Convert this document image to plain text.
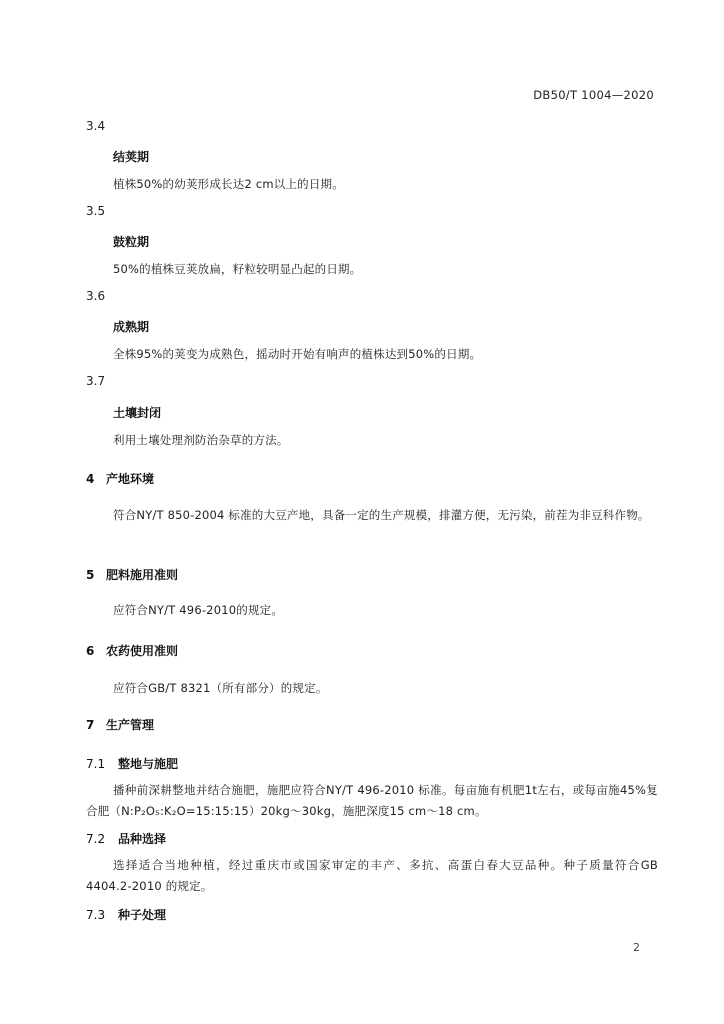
DB50/T 1004—2020
3.4
结荚期
植株50%的幼荚形成长达2 cm以上的日期。
3.5
鼓粒期
50%的植株豆荚放扁，籽粒较明显凸起的日期。
3.6
成熟期
全株95%的荚变为成熟色，摇动时开始有响声的植株达到50%的日期。
3.7
土壤封闭
利用土壤处理剂防治杂草的方法。
4 产地环境
符合NY/T 850-2004 标准的大豆产地，具备一定的生产规模，排灌方便，无污染，前茬为非豆科作物。
5 肥料施用准则
应符合NY/T 496-2010的规定。
6 农药使用准则
应符合GB/T 8321（所有部分）的规定。
7 生产管理
7.1 整地与施肥
播种前深耕整地并结合施肥，施肥应符合NY/T 496-2010 标准。每亩施有机肥1t左右，或每亩施45%复合肥（N:P₂O₅:K₂O=15:15:15）20kg～30kg，施肥深度15 cm～18 cm。
7.2 品种选择
选择适合当地种植，经过重庆市或国家审定的丰产、多抗、高蛋白春大豆品种。种子质量符合GB 4404.2-2010 的规定。
7.3 种子处理
2
